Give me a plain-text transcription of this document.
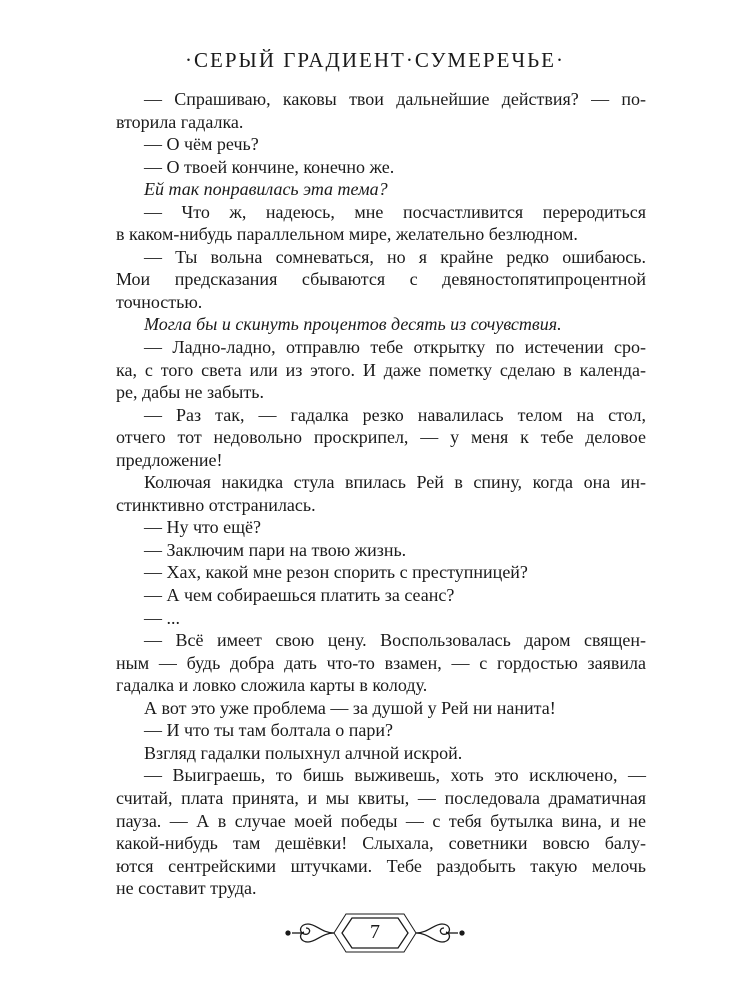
·СЕРЫЙ ГРАДИЕНТ·СУМЕРЕЧЬЕ·
— Спрашиваю, каковы твои дальнейшие действия? — по-
вторила гадалка.
— О чём речь?
— О твоей кончине, конечно же.
Ей так понравилась эта тема?
— Что ж, надеюсь, мне посчастливится переродиться
в каком-нибудь параллельном мире, желательно безлюдном.
— Ты вольна сомневаться, но я крайне редко ошибаюсь.
Мои предсказания сбываются с девяностопятипроцентной
точностью.
Могла бы и скинуть процентов десять из сочувствия.
— Ладно-ладно, отправлю тебе открытку по истечении сро-
ка, с того света или из этого. И даже пометку сделаю в календа-
ре, дабы не забыть.
— Раз так, — гадалка резко навалилась телом на стол,
отчего тот недовольно проскрипел, — у меня к тебе деловое
предложение!
Колючая накидка стула впилась Рей в спину, когда она ин-
стинктивно отстранилась.
— Ну что ещё?
— Заключим пари на твою жизнь.
— Хах, какой мне резон спорить с преступницей?
— А чем собираешься платить за сеанс?
— ...
— Всё имеет свою цену. Воспользовалась даром священ-
ным — будь добра дать что-то взамен, — с гордостью заявила
гадалка и ловко сложила карты в колоду.
А вот это уже проблема — за душой у Рей ни нанита!
— И что ты там болтала о пари?
Взгляд гадалки полыхнул алчной искрой.
— Выиграешь, то бишь выживешь, хоть это исключено, —
считай, плата принята, и мы квиты, — последовала драматичная
пауза. — А в случае моей победы — с тебя бутылка вина, и не
какой-нибудь там дешёвки! Слыхала, советники вовсю балу-
ются сентрейскими штучками. Тебе раздобыть такую мелочь
не составит труда.
7
